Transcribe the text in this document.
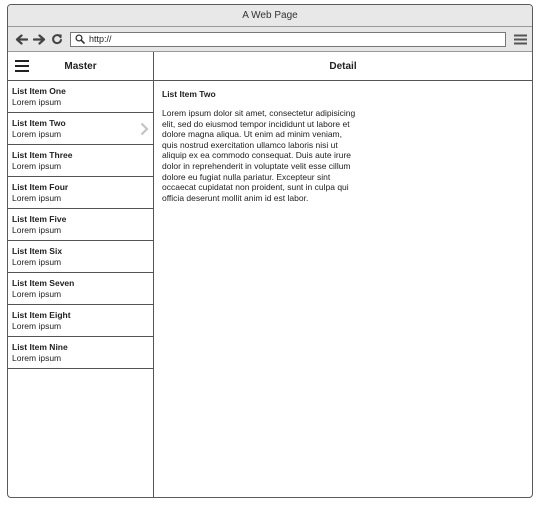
A Web Page
http://
Master
List Item One
Lorem ipsum
List Item Two
Lorem ipsum
List Item Three
Lorem ipsum
List Item Four
Lorem ipsum
List Item Five
Lorem ipsum
List Item Six
Lorem ipsum
List Item Seven
Lorem ipsum
List Item Eight
Lorem ipsum
List Item Nine
Lorem ipsum
Detail

List Item Two

Lorem ipsum dolor sit amet, consectetur adipisicing elit, sed do eiusmod tempor incididunt ut labore et dolore magna aliqua. Ut enim ad minim veniam, quis nostrud exercitation ullamco laboris nisi ut aliquip ex ea commodo consequat. Duis aute irure dolor in reprehenderit in voluptate velit esse cillum dolore eu fugiat nulla pariatur. Excepteur sint occaecat cupidatat non proident, sunt in culpa qui officia deserunt mollit anim id est labor.
